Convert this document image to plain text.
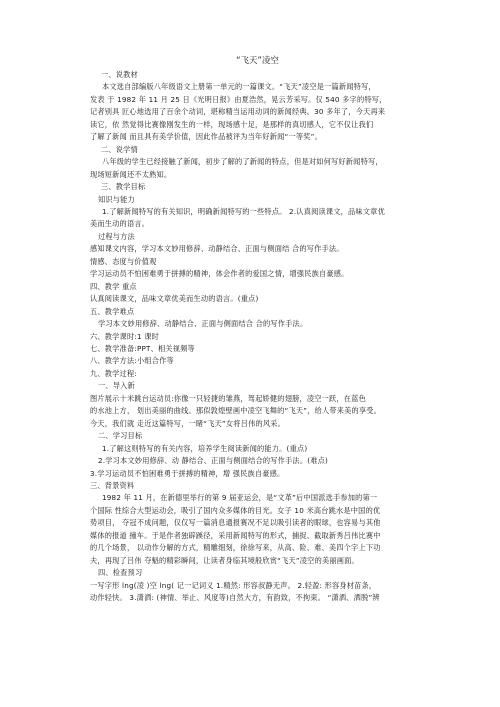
“飞天”凌空

一、说教材

本文选自部编版八年级语文上册第一单元的一篇课文。“飞天”凌空是一篇新闻特写，

发表 于 1982 年 11 月 25 日《光明日报》由夏浩然，晃云芳采写。仅 540 多字的特写，

记者别具 匠心地选用了百余个动词，堪称精当运用动词的新闻经典。30 多年了，今天再来

读它，依 然觉得比赛像刚发生的一样，现场感十足，是那样的真切感人，它不仅让我们

了解了新闻 而且具有美学价值，因此作品被评为当年好新闻“一等奖”。

二、说学情

八年级的学生已经接触了新闻，初步了解的了新闻的特点，但是对如何写好新闻特写，

现场短新闻还不太熟知。

三、教学目标

知识与能力

1.了解新闻特写的有关知识，明确新闻特写的一些特点。 2.认真阅读课文，品味文章优

美而生动的语言。

过程与方法

感知课文内容，学习本文妙用修辞、动静结合、正面与侧面结 合的写作手法。

情感、态度与价值观

学习运动员不怕困难勇于拼搏的精神，体会作者的爱国之情，增强民族自豪感。

四、教学 重点

认真阅读课文，品味文章优美而生动的语言。(重点)

五、教学难点

学习本文妙用修辞、动静结合、正面与侧面结合 合的写作手法。

六、教学课时:1 课时

七、教学准备:PPT、相关视频等

八、教学方法:小组合作等

九、教学过程:

一、导入新

图片展示十米跳台运动员:你像一只轻捷的雏燕，驾起娇健的翅膀，凌空一跃，在蓝色

的水池上方， 划出美丽的曲线。那似敦煌壁画中凌空飞舞的“飞天”，给人带来美的享受。

今天，我们就 走近这篇特写，一睹“飞天”女将吕伟的风采。

二、学习目标

1.了解这则特写的有关内容，培养学生阅读新闻的能力。(重点)

2.学习本文妙用修辞、动 静结合、正面与侧面结合的写作手法。(难点)

3.学习运动员不怕困难勇于拼搏的精神，增 强民族自豪感。

三、背景资料

1982 年 11 月，在新德里举行的第 9 届亚运会，是“文革”后中国派选手参加的第一

个国际 性综合大型运动会，吸引了国内众多媒体的目光。女子 10 米高台跳水是中国的优

势项目， 夺冠不成问题，仅仅写一篇消息通报赛况不足以吸引读者的眼球，也容易与其他

媒体的报道 撞车。于是作者独辟蹊径，采用新闻特写的形式，捕捉、截取新秀吕伟比赛中

的几个场景， 以动作分解的方式，精雕细刻，徐徐写来，从高、险、难、美四个字上下功

夫，再现了吕伟 夺魁的精彩瞬间，让读者身临其境般欣赏“飞天”凌空的美丽画面。

四、检查预习

一写字形 lng(凌 )空 lng( 记一记词义 1.精然: 形容叔静无声。 2.轻盈: 形容身材苗条，

动作轻快。 3.潇洒: (神情、举止、风度等)自然大方，有韵致，不拘束。 “潇洒、洒脱”辨
